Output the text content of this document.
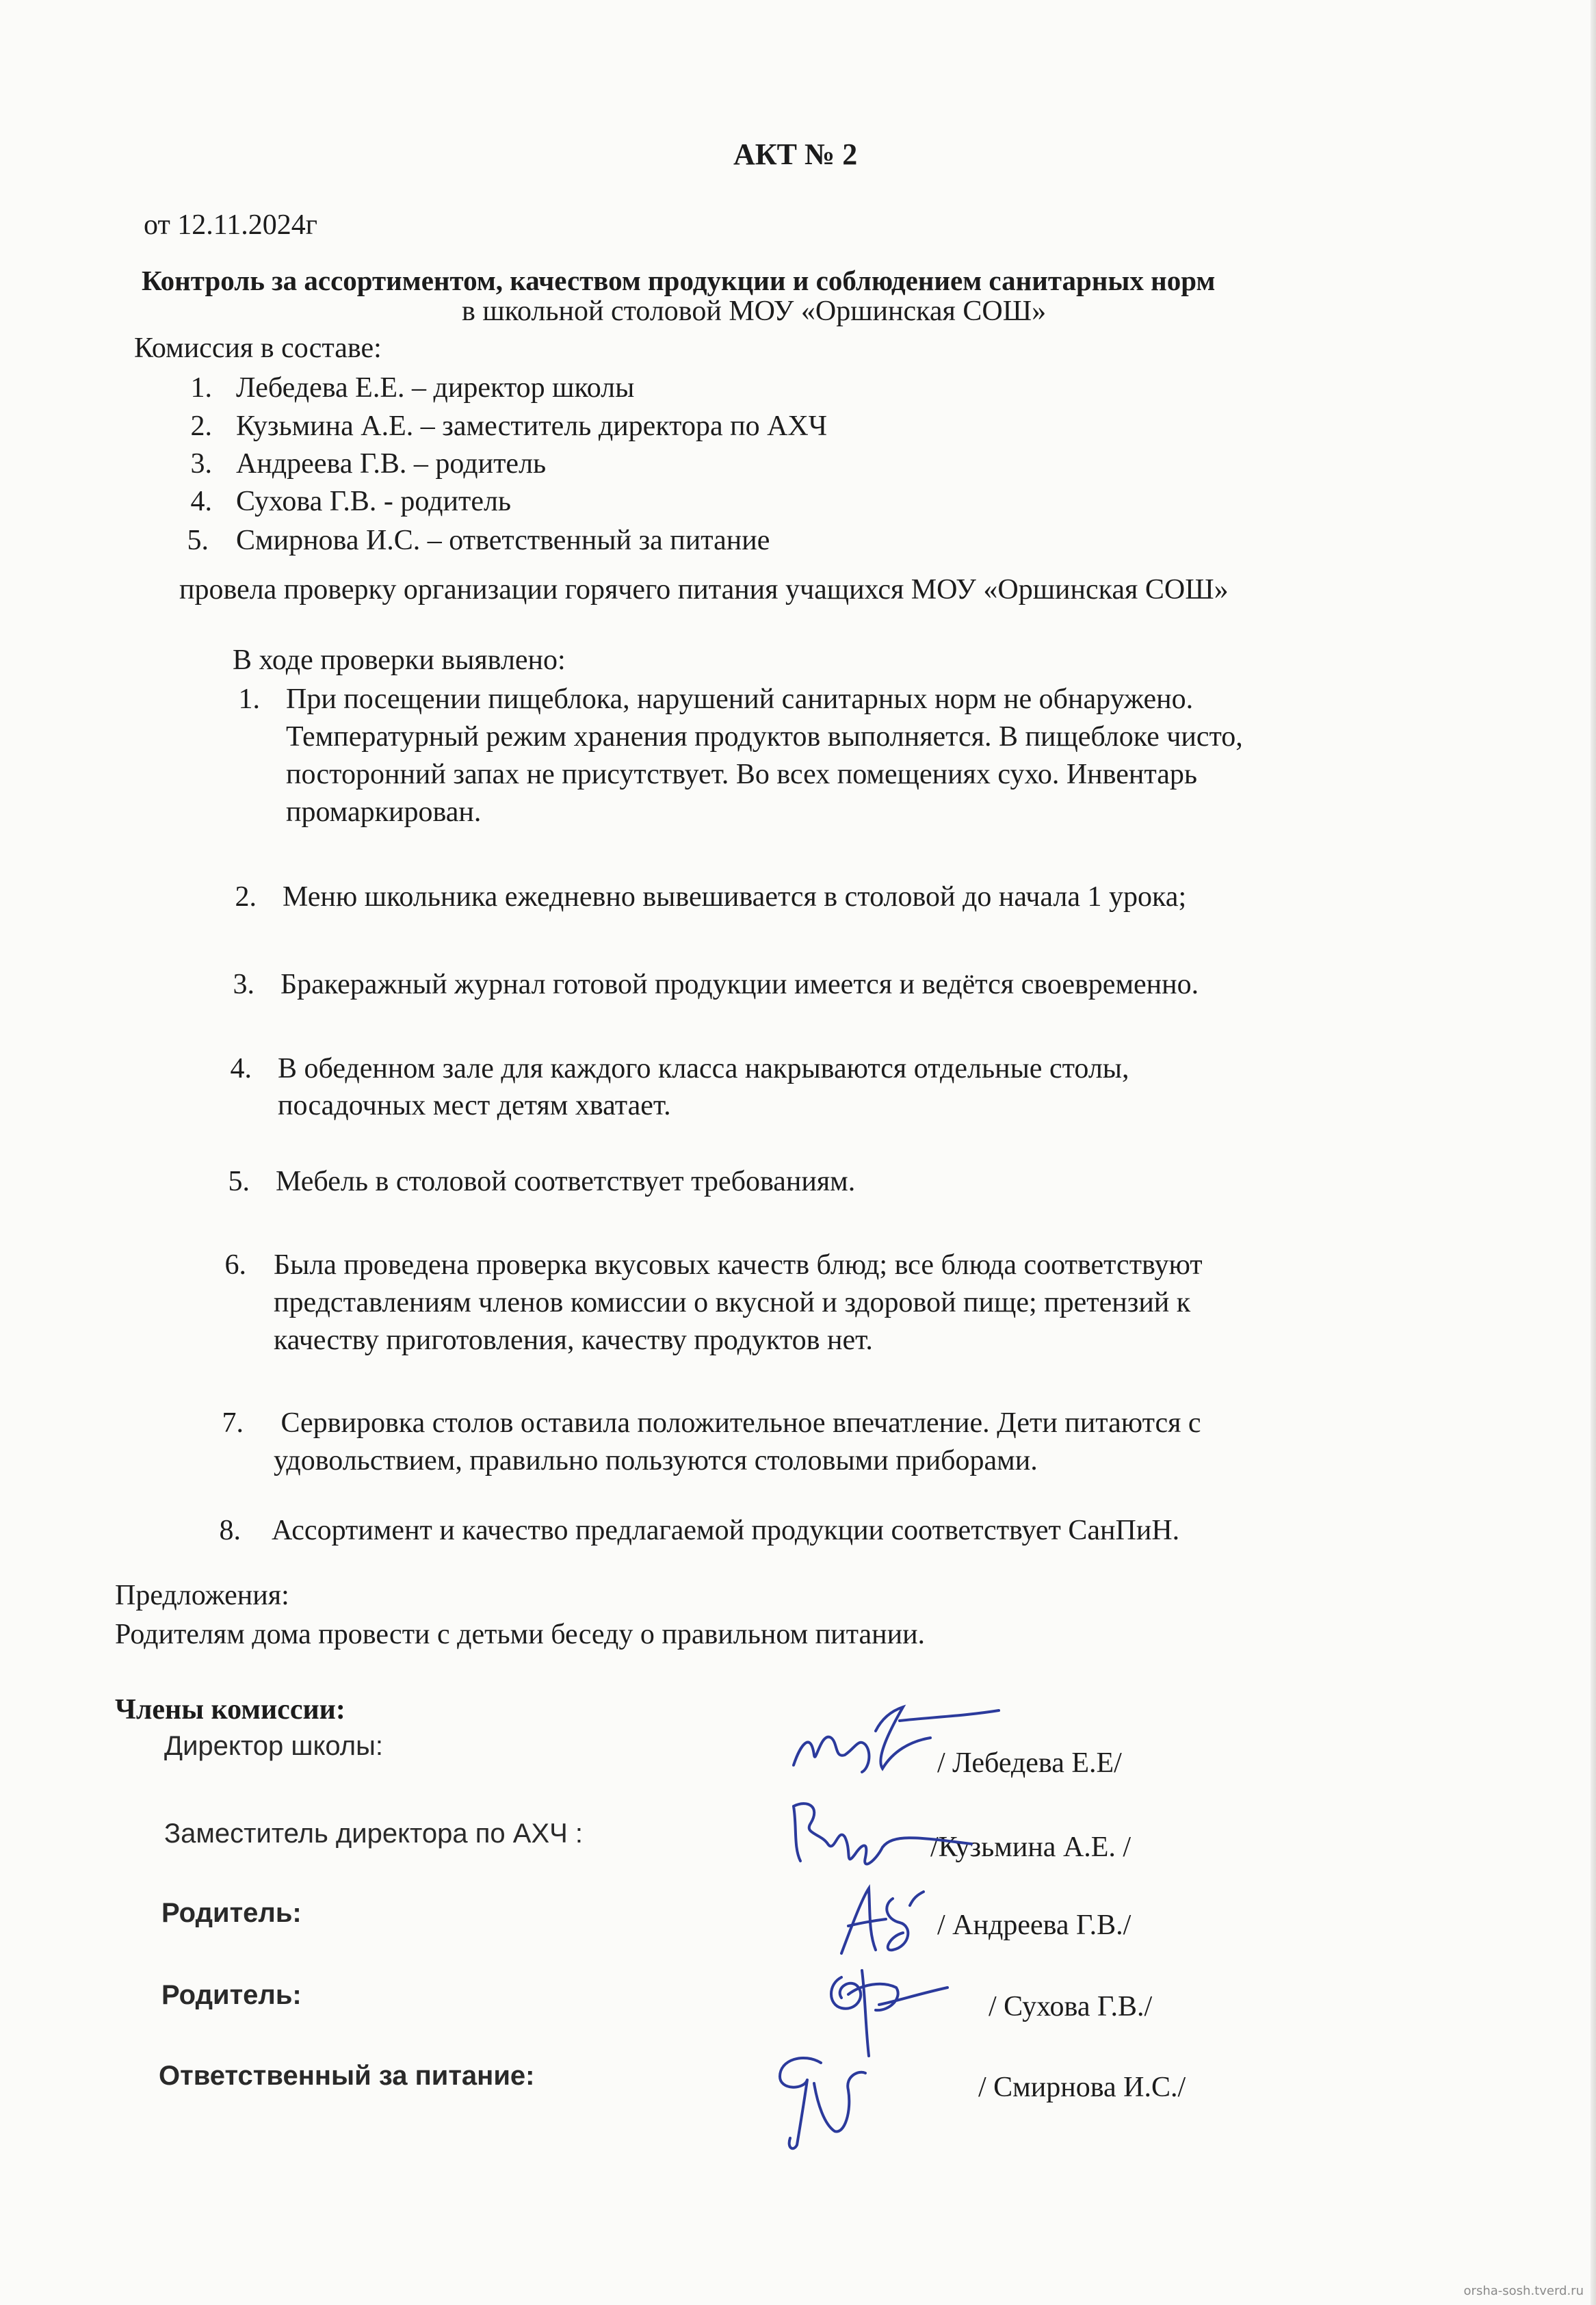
АКТ № 2
от 12.11.2024г
Контроль за ассортиментом, качеством продукции и соблюдением санитарных норм
в школьной столовой МОУ «Оршинская СОШ»
Комиссия в составе:
1. Лебедева Е.Е. – директор школы
2. Кузьмина А.Е. – заместитель директора по АХЧ
3. Андреева Г.В. – родитель
4. Сухова Г.В. - родитель
5. Смирнова И.С. – ответственный за питание
провела проверку организации горячего питания учащихся МОУ «Оршинская СОШ»
В ходе проверки выявлено:
1. При посещении пищеблока, нарушений санитарных норм не обнаружено.
Температурный режим хранения продуктов выполняется. В пищеблоке чисто,
посторонний запах не присутствует. Во всех помещениях сухо. Инвентарь
промаркирован.
2. Меню школьника ежедневно вывешивается в столовой до начала 1 урока;
3. Бракеражный журнал готовой продукции имеется и ведётся своевременно.
4. В обеденном зале для каждого класса накрываются отдельные столы,
посадочных мест детям хватает.
5. Мебель в столовой соответствует требованиям.
6. Была проведена проверка вкусовых качеств блюд; все блюда соответствуют
представлениям членов комиссии о вкусной и здоровой пище; претензий к
качеству приготовления, качеству продуктов нет.
7. Сервировка столов оставила положительное впечатление. Дети питаются с
удовольствием, правильно пользуются столовыми приборами.
8. Ассортимент и качество предлагаемой продукции соответствует СанПиН.
Предложения:
Родителям дома провести с детьми беседу о правильном питании.
Члены комиссии:
Директор школы:
/ Лебедева Е.Е/
Заместитель директора по АХЧ :	/Кузьмина А.Е. /
Родитель:	/ Андреева Г.В./
Родитель:	/ Сухова Г.В./
Ответственный за питание:	/ Смирнова И.С./
orsha-sosh.tverd.ru
